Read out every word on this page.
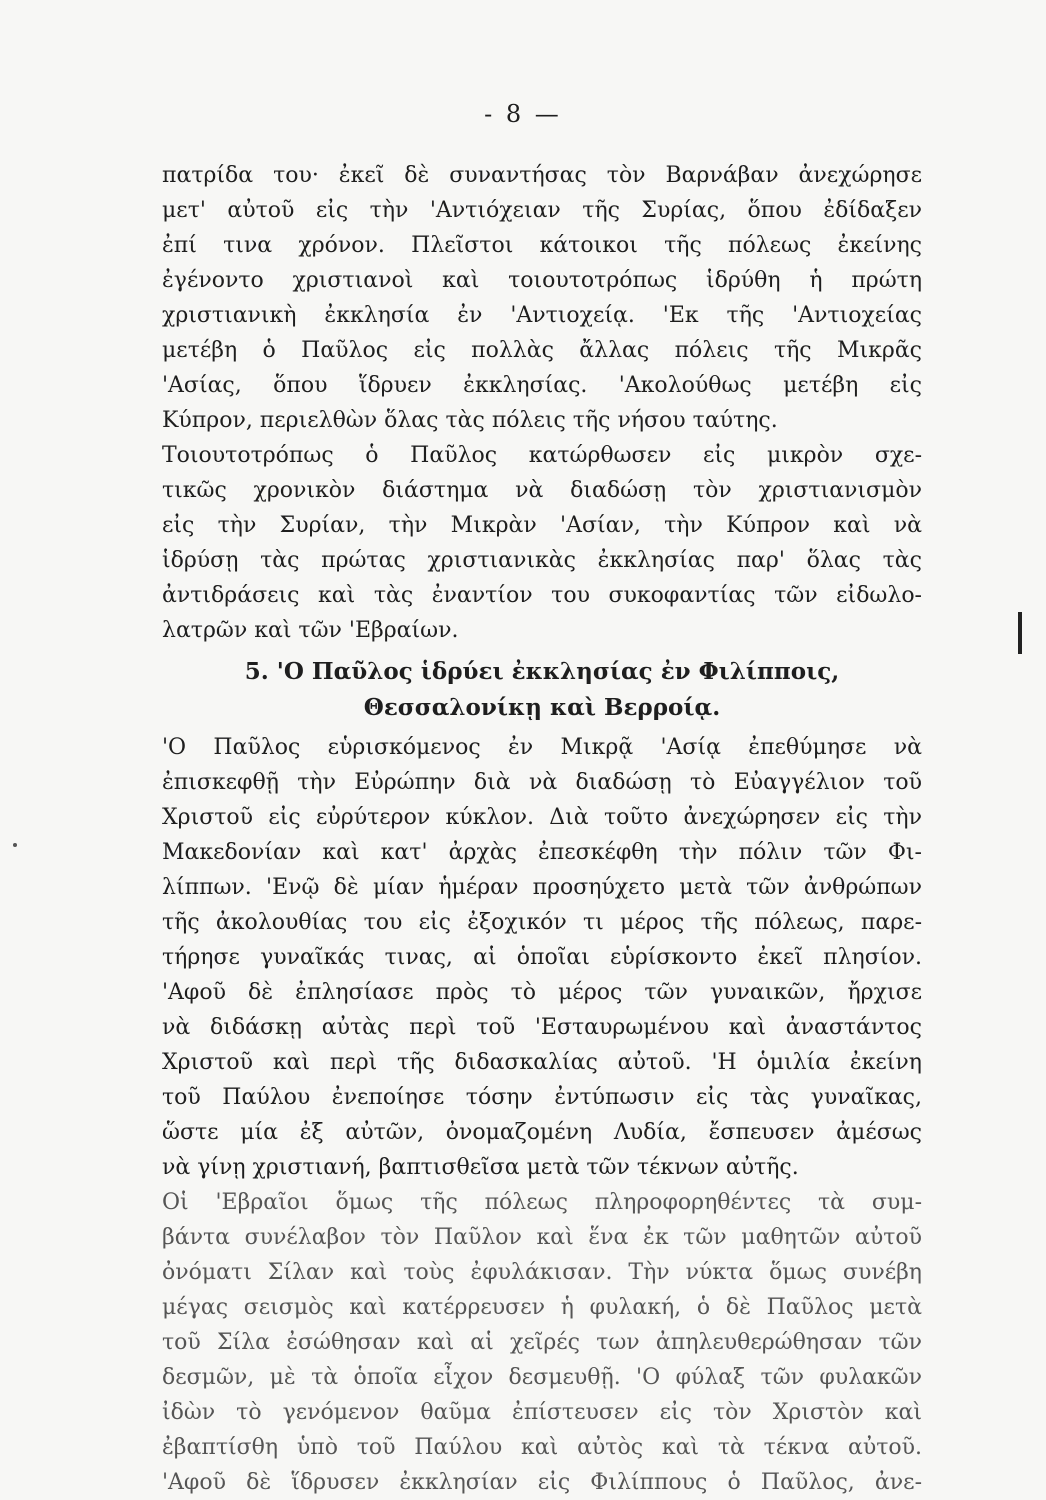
- 8 —
πατρίδα του· ἐκεῖ δὲ συναντήσας τὸν Βαρνάβαν ἀνεχώρησε
μετ' αὐτοῦ εἰς τὴν 'Αντιόχειαν τῆς Συρίας, ὅπου ἐδίδαξεν
ἐπί τινα χρόνον. Πλεῖστοι κάτοικοι τῆς πόλεως ἐκείνης
ἐγένοντο χριστιανοὶ καὶ τοιουτοτρόπως ἱδρύθη ἡ πρώτη
χριστιανικὴ ἐκκλησία ἐν 'Αντιοχείᾳ. 'Εκ τῆς 'Αντιοχείας
μετέβη ὁ Παῦλος εἰς πολλὰς ἄλλας πόλεις τῆς Μικρᾶς
'Ασίας, ὅπου ἵδρυεν ἐκκλησίας. 'Ακολούθως μετέβη εἰς
Κύπρον, περιελθὼν ὅλας τὰς πόλεις τῆς νήσου ταύτης.
Τοιουτοτρόπως ὁ Παῦλος κατώρθωσεν εἰς μικρὸν σχε-
τικῶς χρονικὸν διάστημα νὰ διαδώσῃ τὸν χριστιανισμὸν
εἰς τὴν Συρίαν, τὴν Μικρὰν 'Ασίαν, τὴν Κύπρον καὶ νὰ
ἱδρύσῃ τὰς πρώτας χριστιανικὰς ἐκκλησίας παρ' ὅλας τὰς
ἀντιδράσεις καὶ τὰς ἐναντίον του συκοφαντίας τῶν εἰδωλο-
λατρῶν καὶ τῶν 'Εβραίων.
5. 'Ο Παῦλος ἱδρύει ἐκκλησίας ἐν Φιλίπποις,
Θεσσαλονίκῃ καὶ Βερροίᾳ.
'Ο Παῦλος εὑρισκόμενος ἐν Μικρᾷ 'Ασίᾳ ἐπεθύμησε νὰ
ἐπισκεφθῇ τὴν Εὐρώπην διὰ νὰ διαδώσῃ τὸ Εὐαγγέλιον τοῦ
Χριστοῦ εἰς εὐρύτερον κύκλον. Διὰ τοῦτο ἀνεχώρησεν εἰς τὴν
Μακεδονίαν καὶ κατ' ἀρχὰς ἐπεσκέφθη τὴν πόλιν τῶν Φι-
λίππων. 'Ενῷ δὲ μίαν ἡμέραν προσηύχετο μετὰ τῶν ἀνθρώπων
τῆς ἀκολουθίας του εἰς ἐξοχικόν τι μέρος τῆς πόλεως, παρε-
τήρησε γυναῖκάς τινας, αἱ ὁποῖαι εὑρίσκοντο ἐκεῖ πλησίον.
'Αφοῦ δὲ ἐπλησίασε πρὸς τὸ μέρος τῶν γυναικῶν, ἤρχισε
νὰ διδάσκῃ αὐτὰς περὶ τοῦ 'Εσταυρωμένου καὶ ἀναστάντος
Χριστοῦ καὶ περὶ τῆς διδασκαλίας αὐτοῦ. 'Η ὁμιλία ἐκείνη
τοῦ Παύλου ἐνεποίησε τόσην ἐντύπωσιν εἰς τὰς γυναῖκας,
ὥστε μία ἐξ αὐτῶν, ὀνομαζομένη Λυδία, ἔσπευσεν ἀμέσως
νὰ γίνῃ χριστιανή, βαπτισθεῖσα μετὰ τῶν τέκνων αὐτῆς.
Οἱ 'Εβραῖοι ὅμως τῆς πόλεως πληροφορηθέντες τὰ συμ-
βάντα συνέλαβον τὸν Παῦλον καὶ ἕνα ἐκ τῶν μαθητῶν αὐτοῦ
ὀνόματι Σίλαν καὶ τοὺς ἐφυλάκισαν. Τὴν νύκτα ὅμως συνέβη
μέγας σεισμὸς καὶ κατέρρευσεν ἡ φυλακή, ὁ δὲ Παῦλος μετὰ
τοῦ Σίλα ἐσώθησαν καὶ αἱ χεῖρές των ἀπηλευθερώθησαν τῶν
δεσμῶν, μὲ τὰ ὁποῖα εἶχον δεσμευθῇ. 'Ο φύλαξ τῶν φυλακῶν
ἰδὼν τὸ γενόμενον θαῦμα ἐπίστευσεν εἰς τὸν Χριστὸν καὶ
ἐβαπτίσθη ὑπὸ τοῦ Παύλου καὶ αὐτὸς καὶ τὰ τέκνα αὐτοῦ.
'Αφοῦ δὲ ἵδρυσεν ἐκκλησίαν εἰς Φιλίππους ὁ Παῦλος, ἀνε-
